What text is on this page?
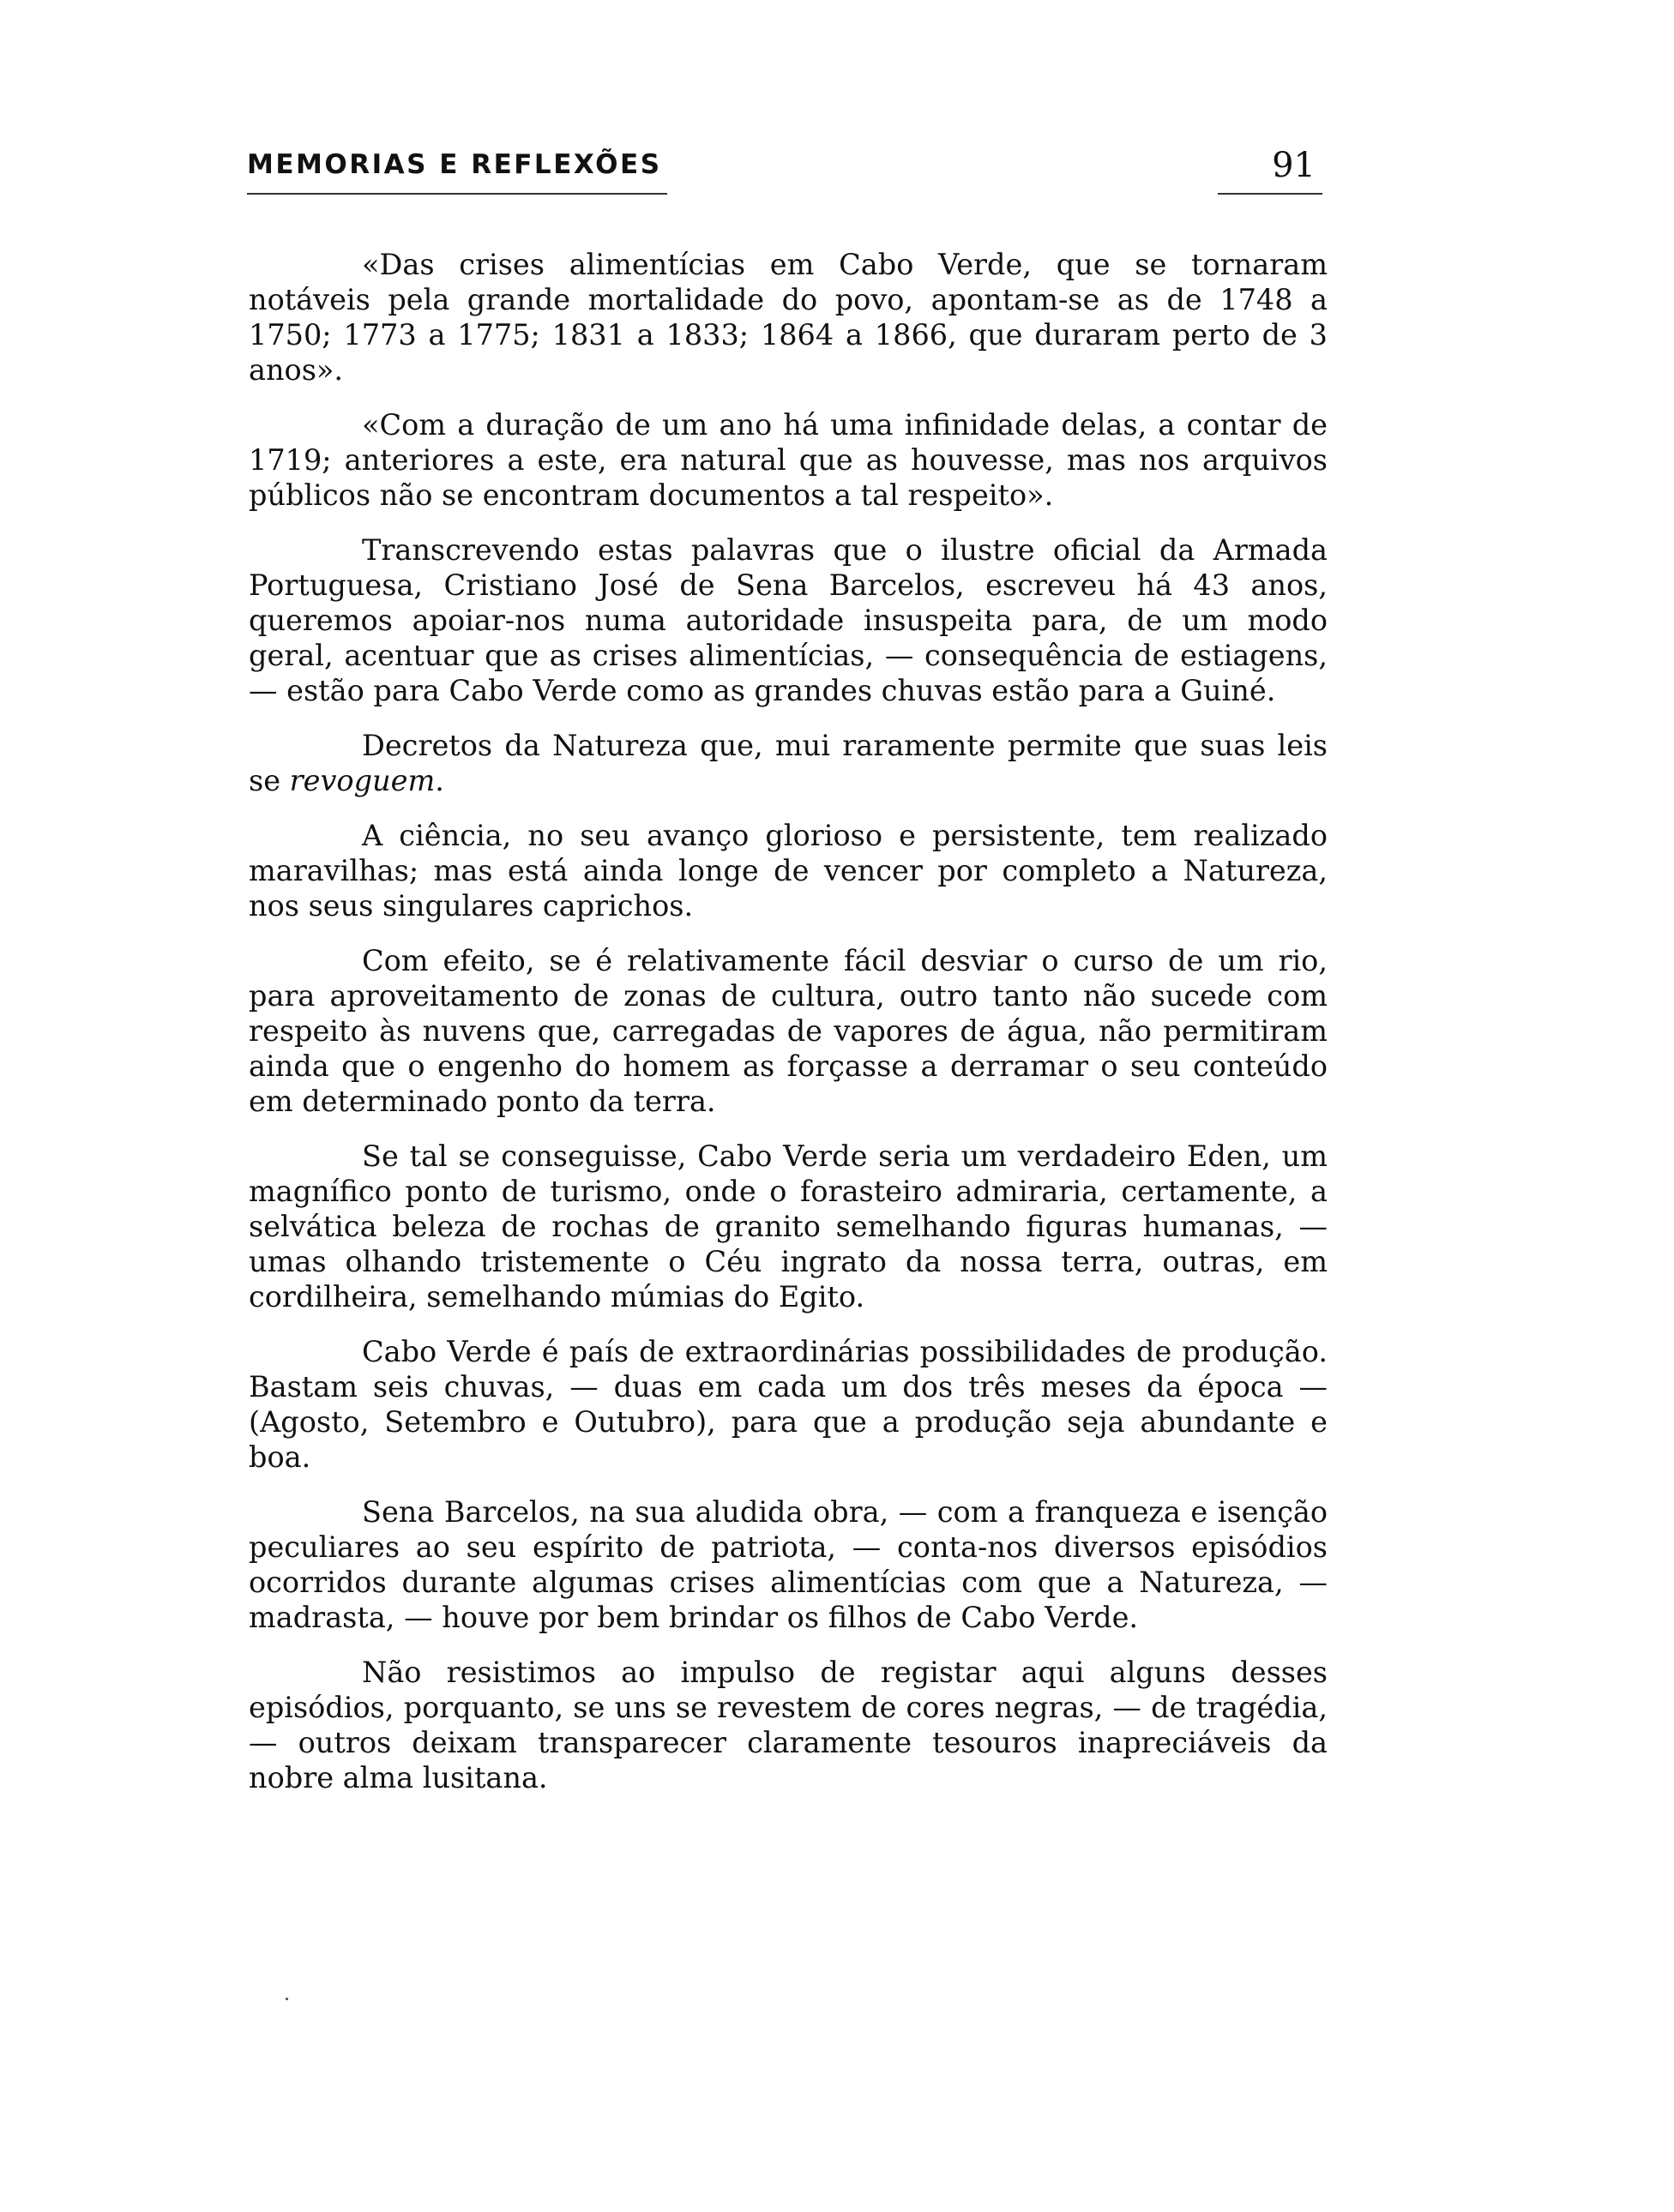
MEMORIAS E REFLEXÕES	91

«Das crises alimentícias em Cabo Verde, que se tornaram notáveis pela grande mortalidade do povo, apontam-se as de 1748 a 1750; 1773 a 1775; 1831 a 1833; 1864 a 1866, que duraram perto de 3 anos».

«Com a duração de um ano há uma infinidade delas, a contar de 1719; anteriores a este, era natural que as houvesse, mas nos arquivos públicos não se encontram documentos a tal respeito».

Transcrevendo estas palavras que o ilustre oficial da Armada Portuguesa, Cristiano José de Sena Barcelos, escreveu há 43 anos, queremos apoiar-nos numa autoridade insuspeita para, de um modo geral, acentuar que as crises alimentícias, — consequência de estiagens, — estão para Cabo Verde como as grandes chuvas estão para a Guiné.

Decretos da Natureza que, mui raramente permite que suas leis se revoguem.

A ciência, no seu avanço glorioso e persistente, tem realizado maravilhas; mas está ainda longe de vencer por completo a Natureza, nos seus singulares caprichos.

Com efeito, se é relativamente fácil desviar o curso de um rio, para aproveitamento de zonas de cultura, outro tanto não sucede com respeito às nuvens que, carregadas de vapores de água, não permitiram ainda que o engenho do homem as forçasse a derramar o seu conteúdo em determinado ponto da terra.

Se tal se conseguisse, Cabo Verde seria um verdadeiro Eden, um magnífico ponto de turismo, onde o forasteiro admiraria, certamente, a selvática beleza de rochas de granito semelhando figuras humanas, — umas olhando tristemente o Céu ingrato da nossa terra, outras, em cordilheira, semelhando múmias do Egito.

Cabo Verde é país de extraordinárias possibilidades de produção. Bastam seis chuvas, — duas em cada um dos três meses da época — (Agosto, Setembro e Outubro), para que a produção seja abundante e boa.

Sena Barcelos, na sua aludida obra, — com a franqueza e isenção peculiares ao seu espírito de patriota, — conta-nos diversos episódios ocorridos durante algumas crises alimentícias com que a Natureza, — madrasta, — houve por bem brindar os filhos de Cabo Verde.

Não resistimos ao impulso de registar aqui alguns desses episódios, porquanto, se uns se revestem de cores negras, — de tragédia, — outros deixam transparecer claramente tesouros inapreciáveis da nobre alma lusitana.
